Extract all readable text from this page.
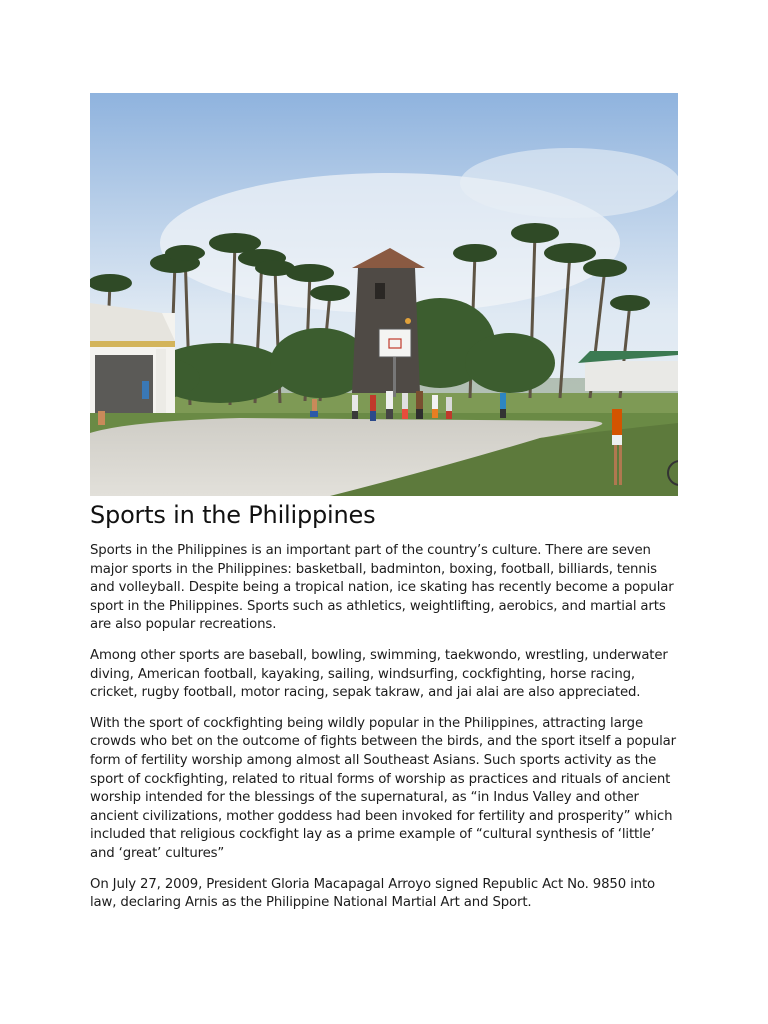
Sports in the Philippines

Sports in the Philippines is an important part of the country’s culture. There are seven major sports in the Philippines: basketball, badminton, boxing, football, billiards, tennis and volleyball. Despite being a tropical nation, ice skating has recently become a popular sport in the Philippines. Sports such as athletics, weightlifting, aerobics, and martial arts are also popular recreations.

Among other sports are baseball, bowling, swimming, taekwondo, wrestling, underwater diving, American football, kayaking, sailing, windsurfing, cockfighting, horse racing, cricket, rugby football, motor racing, sepak takraw, and jai alai are also appreciated.

With the sport of cockfighting being wildly popular in the Philippines, attracting large crowds who bet on the outcome of fights between the birds, and the sport itself a popular form of fertility worship among almost all Southeast Asians. Such sports activity as the sport of cockfighting, related to ritual forms of worship as practices and rituals of ancient worship intended for the blessings of the supernatural, as “in Indus Valley and other ancient civilizations, mother goddess had been invoked for fertility and prosperity” which included that religious cockfight lay as a prime example of “cultural synthesis of ‘little’ and ‘great’ cultures”

On July 27, 2009, President Gloria Macapagal Arroyo signed Republic Act No. 9850 into law, declaring Arnis as the Philippine National Martial Art and Sport.
